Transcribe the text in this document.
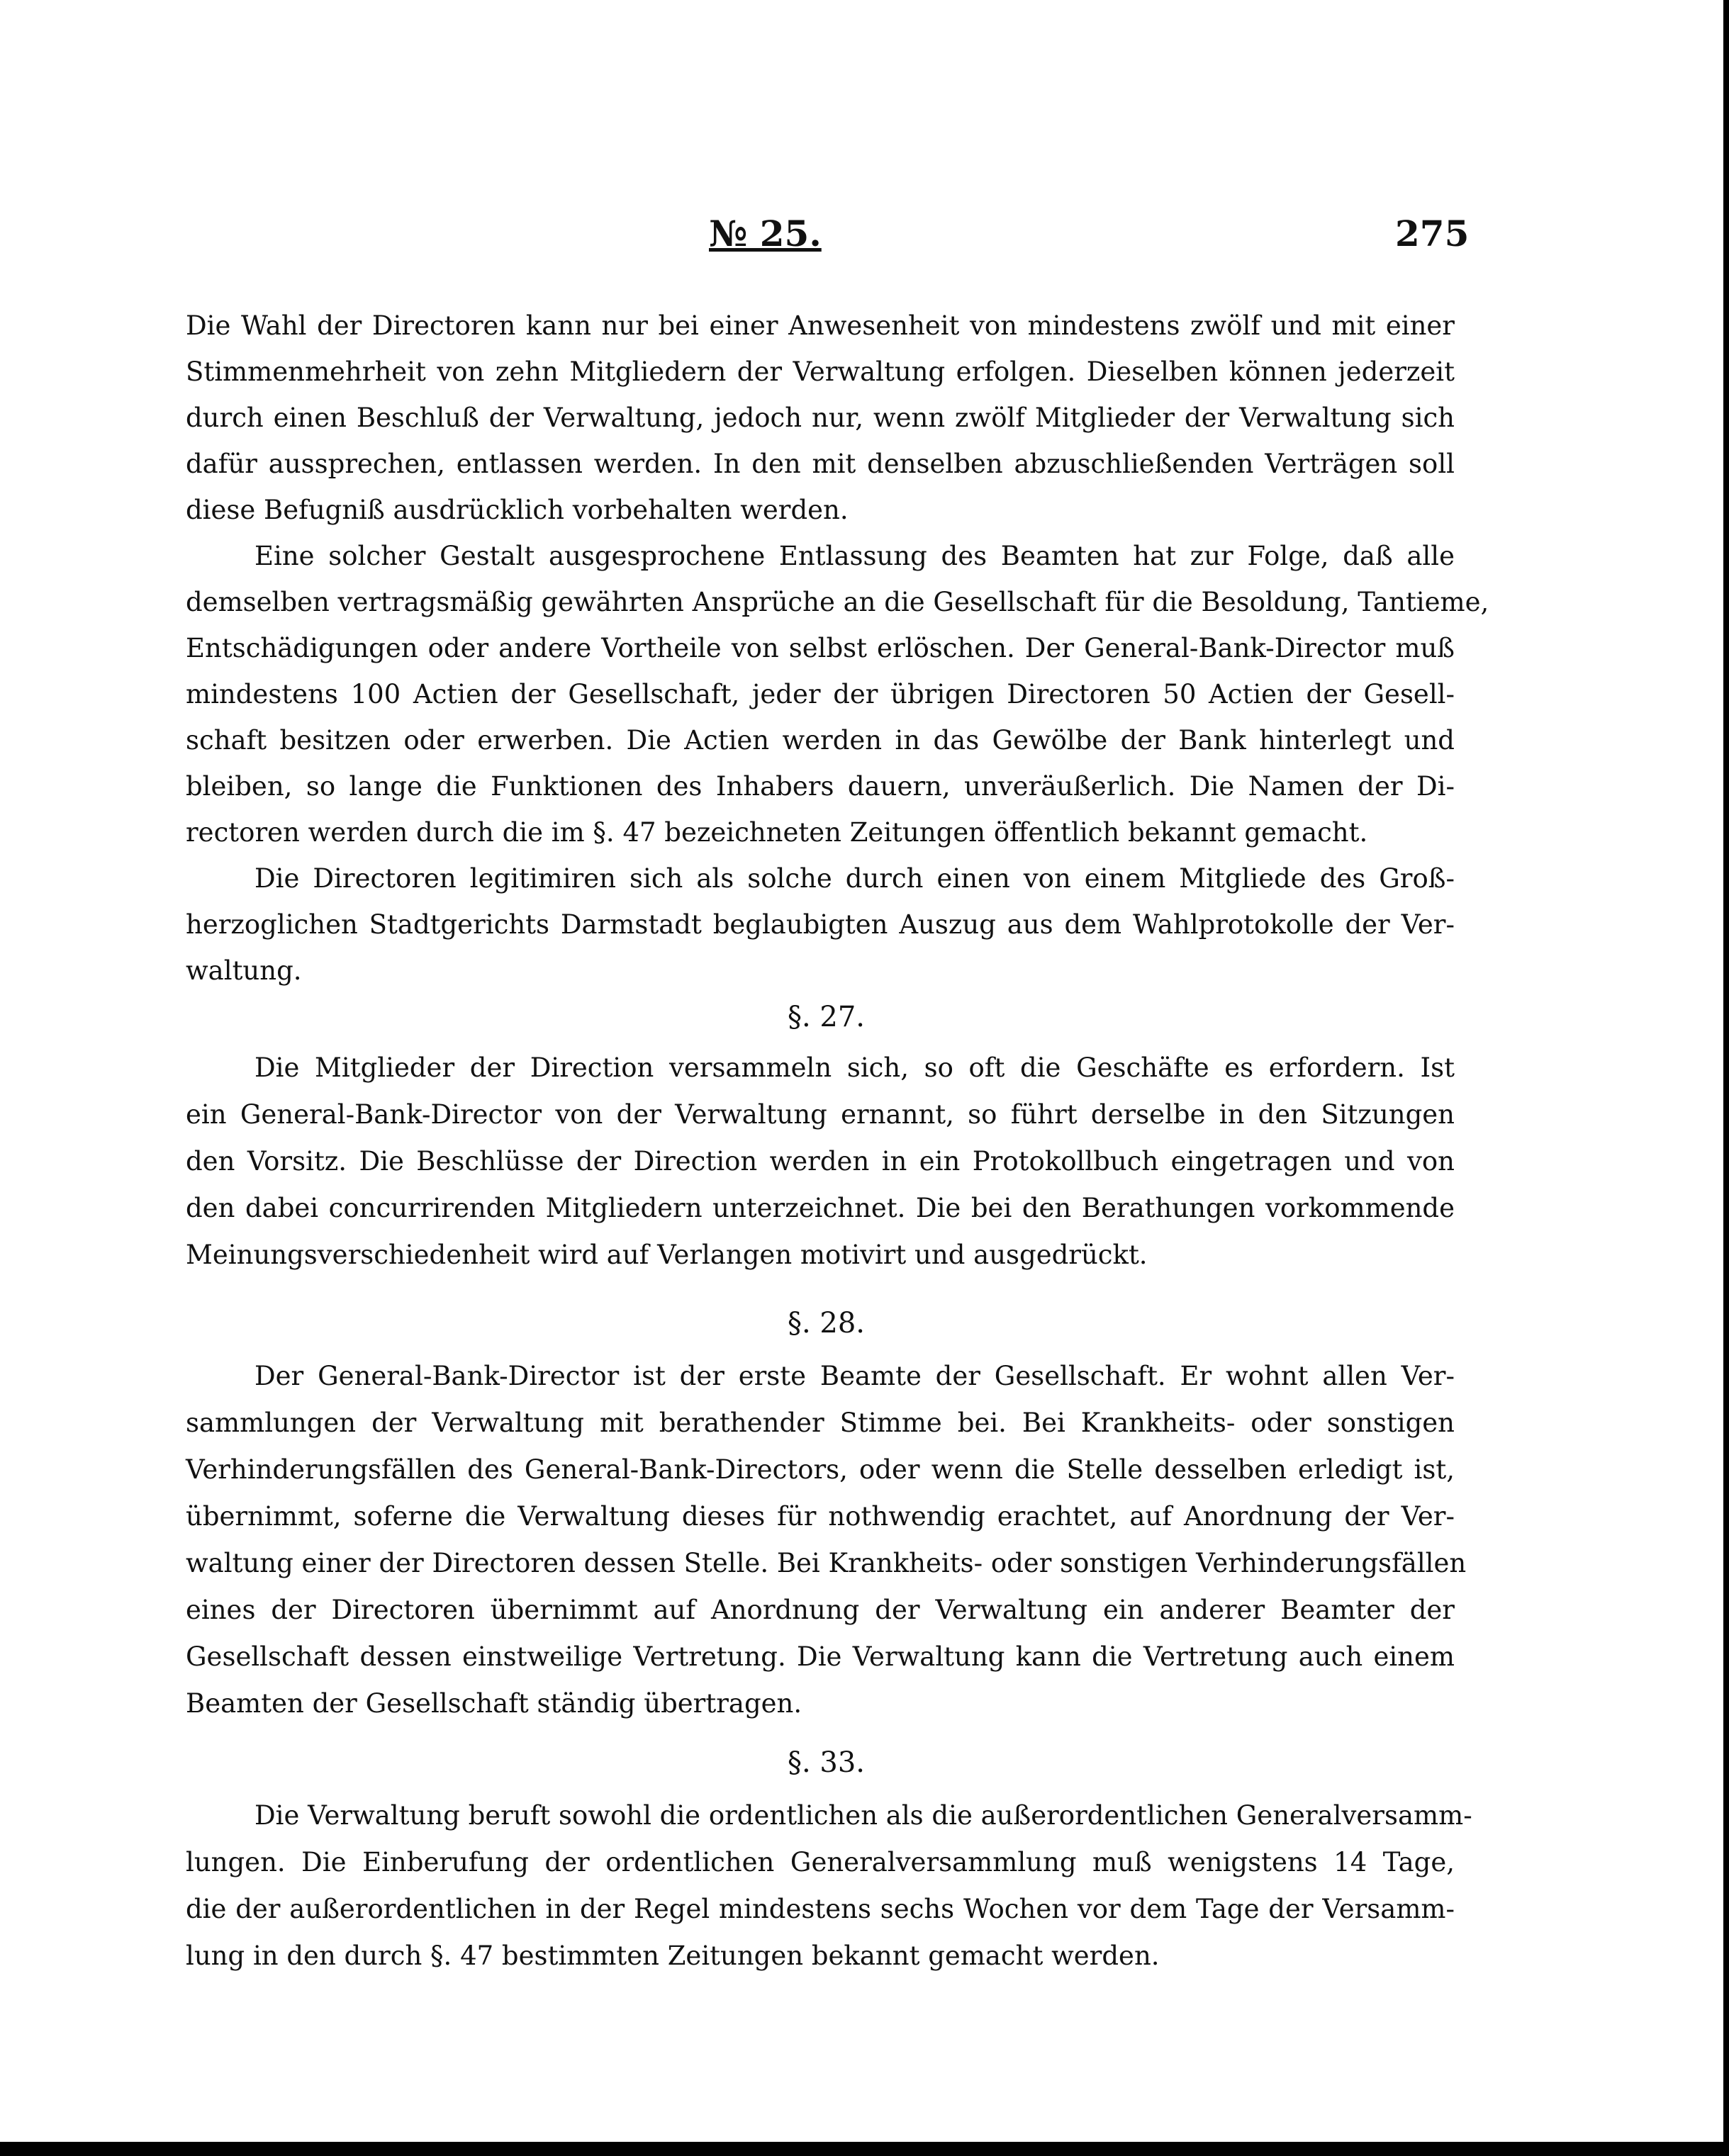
№ 25.	275
Die Wahl der Directoren kann nur bei einer Anwesenheit von mindestens zwölf und mit einer
Stimmenmehrheit von zehn Mitgliedern der Verwaltung erfolgen. Dieselben können jederzeit
durch einen Beschluß der Verwaltung, jedoch nur, wenn zwölf Mitglieder der Verwaltung sich
dafür aussprechen, entlassen werden. In den mit denselben abzuschließenden Verträgen soll
diese Befugniß ausdrücklich vorbehalten werden.
Eine solcher Gestalt ausgesprochene Entlassung des Beamten hat zur Folge, daß alle
demselben vertragsmäßig gewährten Ansprüche an die Gesellschaft für die Besoldung, Tantieme,
Entschädigungen oder andere Vortheile von selbst erlöschen. Der General-Bank-Director muß
mindestens 100 Actien der Gesellschaft, jeder der übrigen Directoren 50 Actien der Gesell-
schaft besitzen oder erwerben. Die Actien werden in das Gewölbe der Bank hinterlegt und
bleiben, so lange die Funktionen des Inhabers dauern, unveräußerlich. Die Namen der Di-
rectoren werden durch die im §. 47 bezeichneten Zeitungen öffentlich bekannt gemacht.
Die Directoren legitimiren sich als solche durch einen von einem Mitgliede des Groß-
herzoglichen Stadtgerichts Darmstadt beglaubigten Auszug aus dem Wahlprotokolle der Ver-
waltung.
§. 27.
Die Mitglieder der Direction versammeln sich, so oft die Geschäfte es erfordern. Ist
ein General-Bank-Director von der Verwaltung ernannt, so führt derselbe in den Sitzungen
den Vorsitz. Die Beschlüsse der Direction werden in ein Protokollbuch eingetragen und von
den dabei concurrirenden Mitgliedern unterzeichnet. Die bei den Berathungen vorkommende
Meinungsverschiedenheit wird auf Verlangen motivirt und ausgedrückt.
§. 28.
Der General-Bank-Director ist der erste Beamte der Gesellschaft. Er wohnt allen Ver-
sammlungen der Verwaltung mit berathender Stimme bei. Bei Krankheits- oder sonstigen
Verhinderungsfällen des General-Bank-Directors, oder wenn die Stelle desselben erledigt ist,
übernimmt, soferne die Verwaltung dieses für nothwendig erachtet, auf Anordnung der Ver-
waltung einer der Directoren dessen Stelle. Bei Krankheits- oder sonstigen Verhinderungsfällen
eines der Directoren übernimmt auf Anordnung der Verwaltung ein anderer Beamter der
Gesellschaft dessen einstweilige Vertretung. Die Verwaltung kann die Vertretung auch einem
Beamten der Gesellschaft ständig übertragen.
§. 33.
Die Verwaltung beruft sowohl die ordentlichen als die außerordentlichen Generalversamm-
lungen. Die Einberufung der ordentlichen Generalversammlung muß wenigstens 14 Tage,
die der außerordentlichen in der Regel mindestens sechs Wochen vor dem Tage der Versamm-
lung in den durch §. 47 bestimmten Zeitungen bekannt gemacht werden.
